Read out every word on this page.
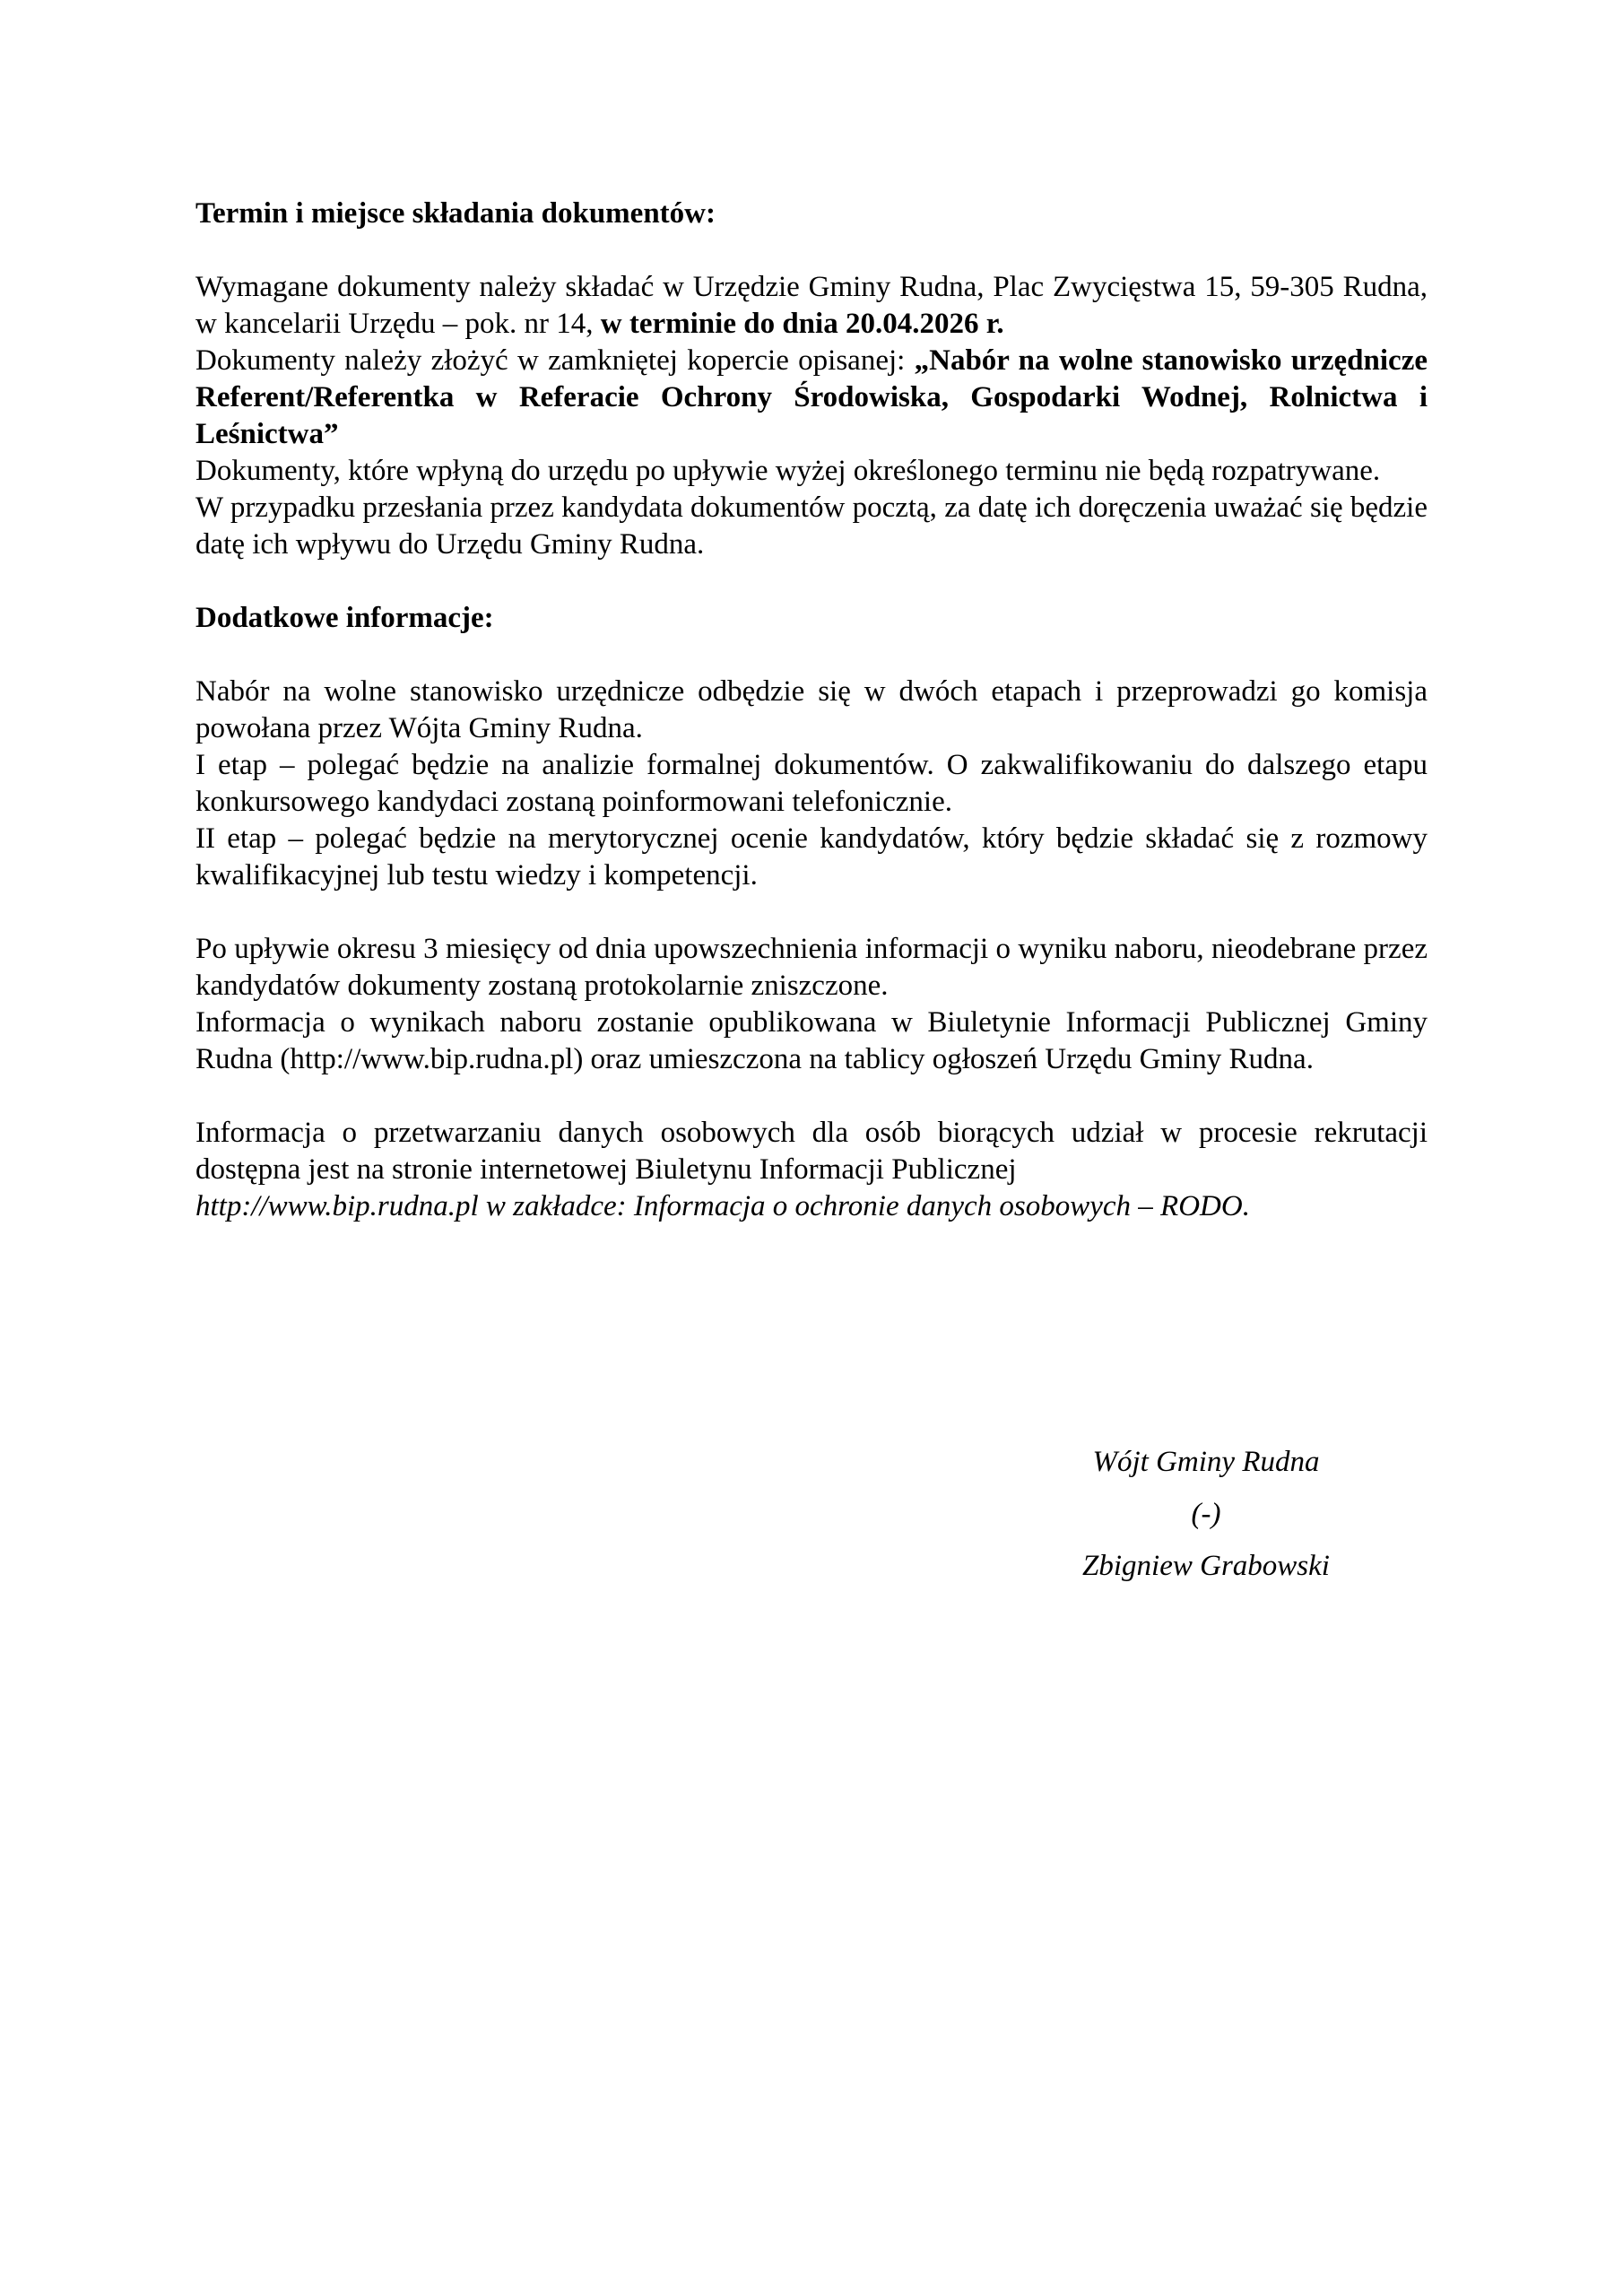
Termin i miejsce składania dokumentów:

Wymagane dokumenty należy składać w Urzędzie Gminy Rudna, Plac Zwycięstwa 15, 59-305 Rudna, w kancelarii Urzędu – pok. nr 14, w terminie do dnia 20.04.2026 r.
Dokumenty należy złożyć w zamkniętej kopercie opisanej: „Nabór na wolne stanowisko urzędnicze Referent/Referentka w Referacie Ochrony Środowiska, Gospodarki Wodnej, Rolnictwa i Leśnictwa”
Dokumenty, które wpłyną do urzędu po upływie wyżej określonego terminu nie będą rozpatrywane.
W przypadku przesłania przez kandydata dokumentów pocztą, za datę ich doręczenia uważać się będzie datę ich wpływu do Urzędu Gminy Rudna.

Dodatkowe informacje:

Nabór na wolne stanowisko urzędnicze odbędzie się w dwóch etapach i przeprowadzi go komisja powołana przez Wójta Gminy Rudna.
I etap – polegać będzie na analizie formalnej dokumentów. O zakwalifikowaniu do dalszego etapu konkursowego kandydaci zostaną poinformowani telefonicznie.
II etap – polegać będzie na merytorycznej ocenie kandydatów, który będzie składać się z rozmowy kwalifikacyjnej lub testu wiedzy i kompetencji.

Po upływie okresu 3 miesięcy od dnia upowszechnienia informacji o wyniku naboru, nieodebrane przez kandydatów dokumenty zostaną protokolarnie zniszczone.
Informacja o wynikach naboru zostanie opublikowana w Biuletynie Informacji Publicznej Gminy Rudna (http://www.bip.rudna.pl) oraz umieszczona na tablicy ogłoszeń Urzędu Gminy Rudna.

Informacja o przetwarzaniu danych osobowych dla osób biorących udział w procesie rekrutacji dostępna jest na stronie internetowej Biuletynu Informacji Publicznej
http://www.bip.rudna.pl w zakładce: Informacja o ochronie danych osobowych – RODO.
Wójt Gminy Rudna
(-)
Zbigniew Grabowski
